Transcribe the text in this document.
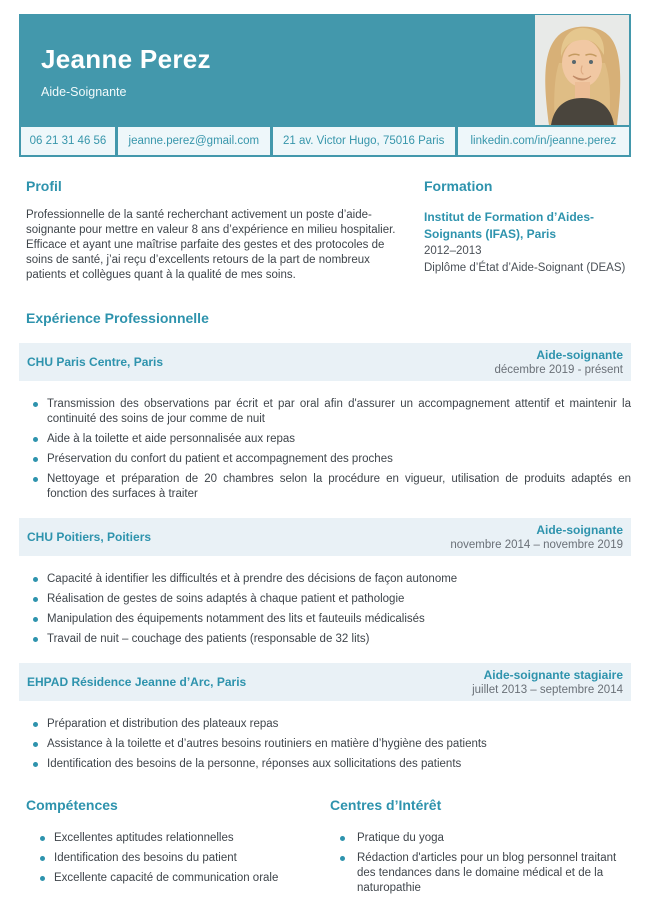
Jeanne Perez
Aide-Soignante
06 21 31 46 56	jeanne.perez@gmail.com	21 av. Victor Hugo, 75016 Paris	linkedin.com/in/jeanne.perez
Profil

Professionnelle de la santé recherchant activement un poste d’aide-soignante pour mettre en valeur 8 ans d’expérience en milieu hospitalier. Efficace et ayant une maîtrise parfaite des gestes et des protocoles de soins de santé, j’ai reçu d’excellents retours de la part de nombreux patients et collègues quant à la qualité de mes soins.

Formation
Institut de Formation d’Aides-Soignants (IFAS), Paris
2012–2013
Diplôme d’État d’Aide-Soignant (DEAS)
Expérience Professionnelle
CHU Paris Centre, Paris
Aide-soignante
décembre 2019 - présent
Transmission des observations par écrit et par oral afin d'assurer un accompagnement attentif et maintenir la continuité des soins de jour comme de nuit
Aide à la toilette et aide personnalisée aux repas
Préservation du confort du patient et accompagnement des proches
Nettoyage et préparation de 20 chambres selon la procédure en vigueur, utilisation de produits adaptés en fonction des surfaces à traiter
CHU Poitiers, Poitiers
Aide-soignante
novembre 2014 – novembre 2019
Capacité à identifier les difficultés et à prendre des décisions de façon autonome
Réalisation de gestes de soins adaptés à chaque patient et pathologie
Manipulation des équipements notamment des lits et fauteuils médicalisés
Travail de nuit – couchage des patients (responsable de 32 lits)
EHPAD Résidence Jeanne d’Arc, Paris
Aide-soignante stagiaire
juillet 2013 – septembre 2014
Préparation et distribution des plateaux repas
Assistance à la toilette et d’autres besoins routiniers en matière d’hygiène des patients
Identification des besoins de la personne, réponses aux sollicitations des patients
Compétences
Excellentes aptitudes relationnelles
Identification des besoins du patient
Excellente capacité de communication orale
Centres d’Intérêt
Pratique du yoga
Rédaction d'articles pour un blog personnel traitant des tendances dans le domaine médical et de la naturopathie
